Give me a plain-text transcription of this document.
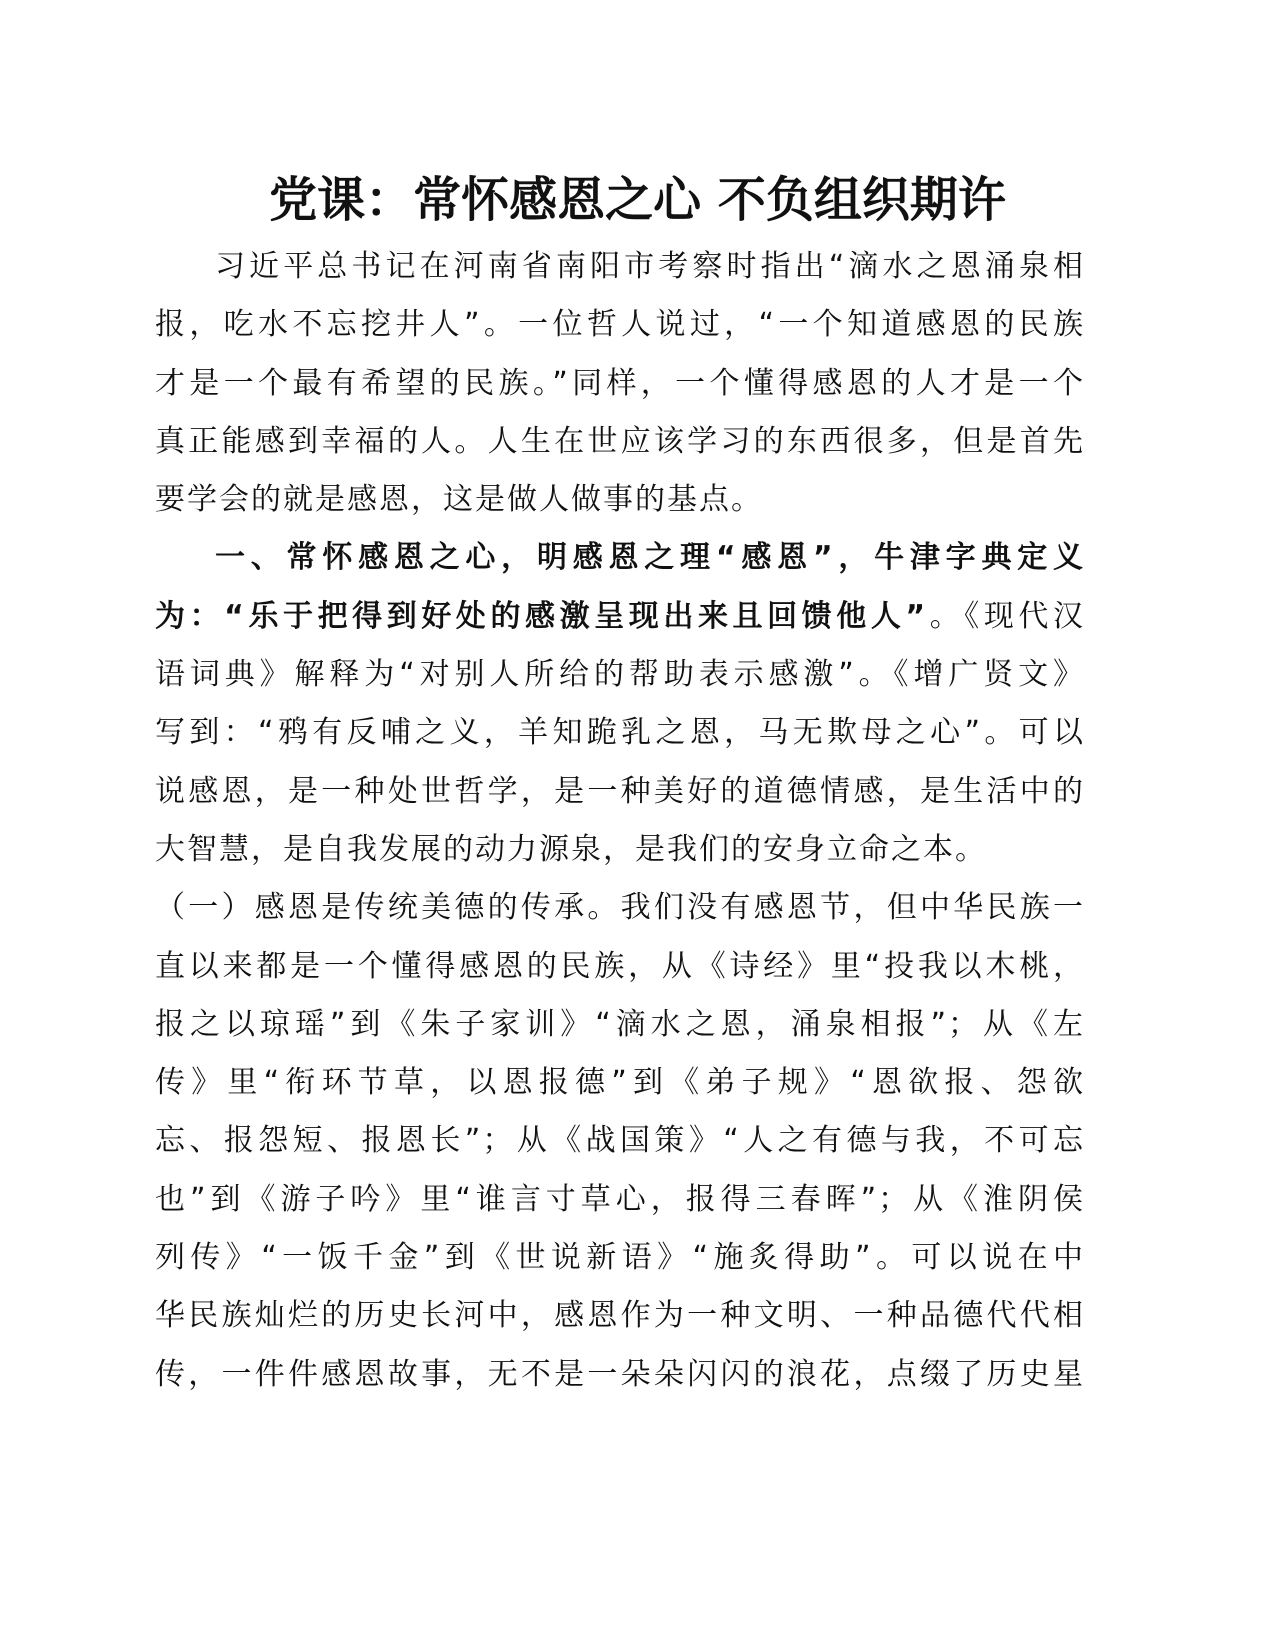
党课：常怀感恩之心 不负组织期许
习近平总书记在河南省南阳市考察时指出“滴水之恩涌泉相
报，吃水不忘挖井人”。一位哲人说过，“一个知道感恩的民族
才是一个最有希望的民族。”同样，一个懂得感恩的人才是一个
真正能感到幸福的人。人生在世应该学习的东西很多，但是首先
要学会的就是感恩，这是做人做事的基点。
一、常怀感恩之心，明感恩之理“感恩”，牛津字典定义
为：“乐于把得到好处的感激呈现出来且回馈他人”。《现代汉
语词典》解释为“对别人所给的帮助表示感激”。《增广贤文》
写到：“鸦有反哺之义，羊知跪乳之恩，马无欺母之心”。可以
说感恩，是一种处世哲学，是一种美好的道德情感，是生活中的
大智慧，是自我发展的动力源泉，是我们的安身立命之本。
（一）感恩是传统美德的传承。我们没有感恩节，但中华民族一
直以来都是一个懂得感恩的民族，从《诗经》里“投我以木桃，
报之以琼瑶”到《朱子家训》“滴水之恩，涌泉相报”；从《左
传》里“衔环节草，以恩报德”到《弟子规》“恩欲报、怨欲
忘、报怨短、报恩长”；从《战国策》“人之有德与我，不可忘
也”到《游子吟》里“谁言寸草心，报得三春晖”；从《淮阴侯
列传》“一饭千金”到《世说新语》“施炙得助”。可以说在中
华民族灿烂的历史长河中，感恩作为一种文明、一种品德代代相
传，一件件感恩故事，无不是一朵朵闪闪的浪花，点缀了历史星
